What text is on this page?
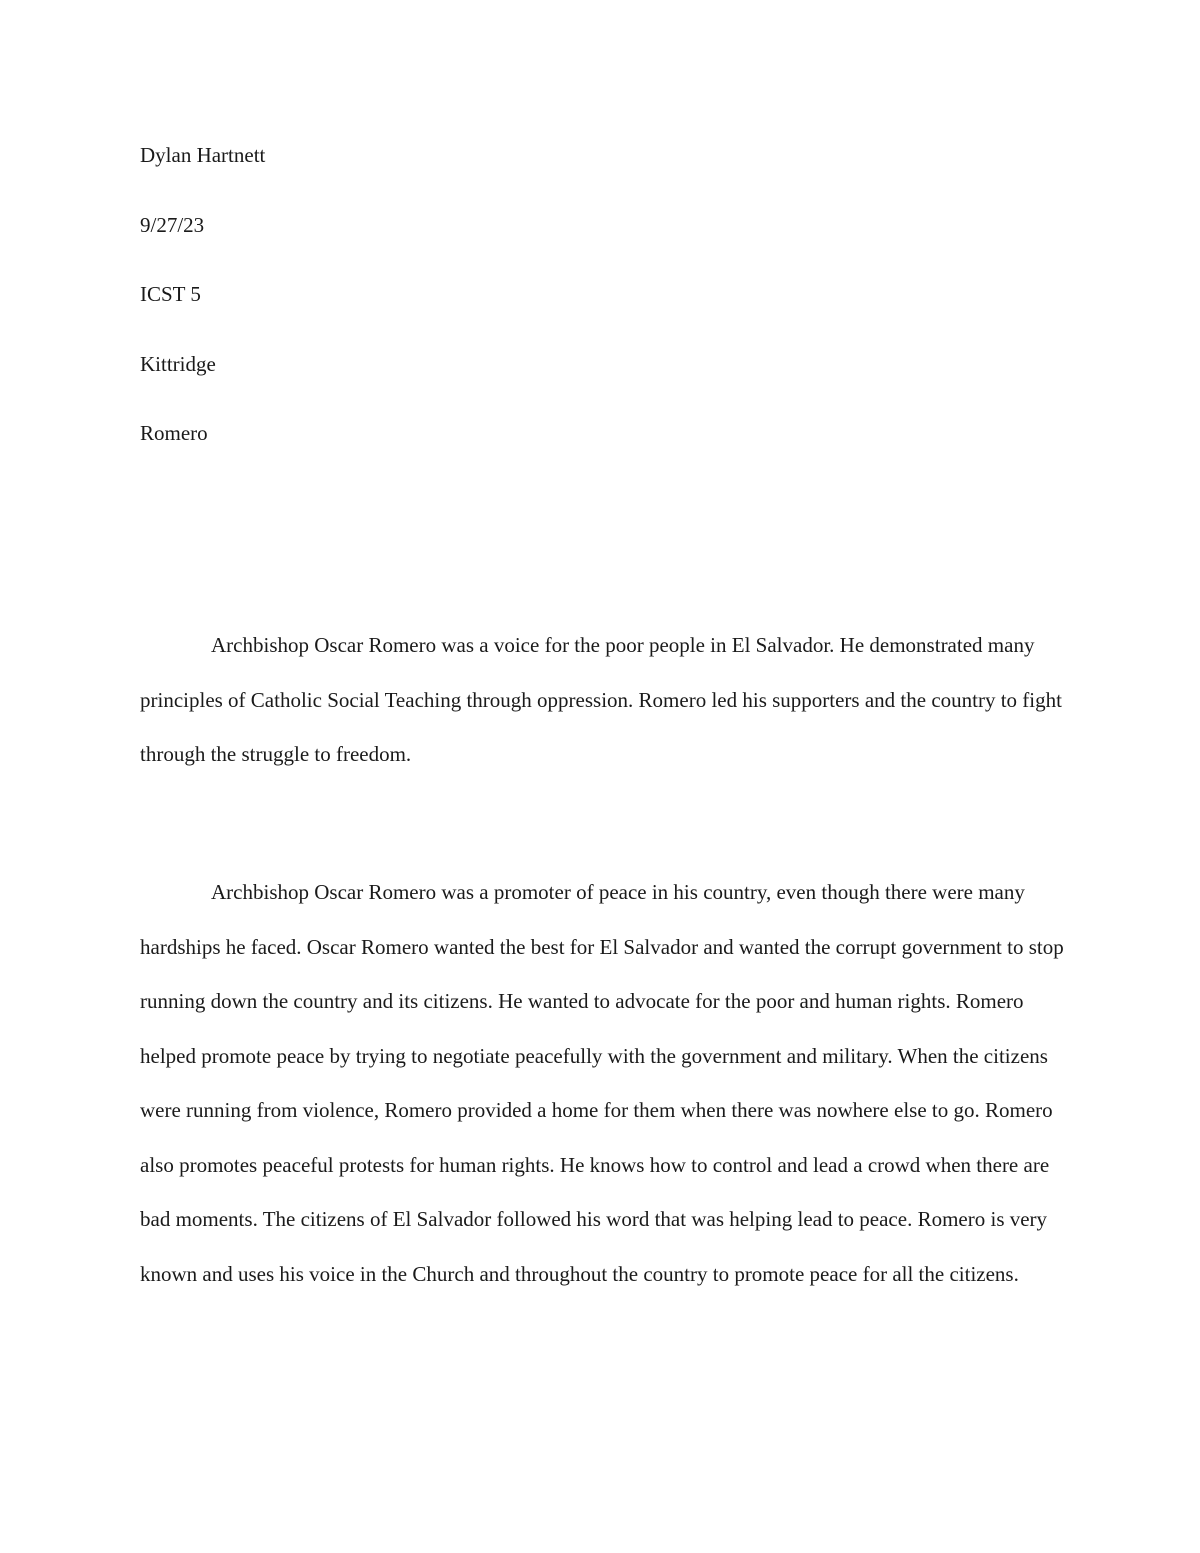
Dylan Hartnett
9/27/23
ICST 5
Kittridge
Romero

Archbishop Oscar Romero was a voice for the poor people in El Salvador. He demonstrated many principles of Catholic Social Teaching through oppression. Romero led his supporters and the country to fight through the struggle to freedom.

Archbishop Oscar Romero was a promoter of peace in his country, even though there were many hardships he faced. Oscar Romero wanted the best for El Salvador and wanted the corrupt government to stop running down the country and its citizens. He wanted to advocate for the poor and human rights. Romero helped promote peace by trying to negotiate peacefully with the government and military. When the citizens were running from violence, Romero provided a home for them when there was nowhere else to go. Romero also promotes peaceful protests for human rights. He knows how to control and lead a crowd when there are bad moments. The citizens of El Salvador followed his word that was helping lead to peace. Romero is very known and uses his voice in the Church and throughout the country to promote peace for all the citizens.
